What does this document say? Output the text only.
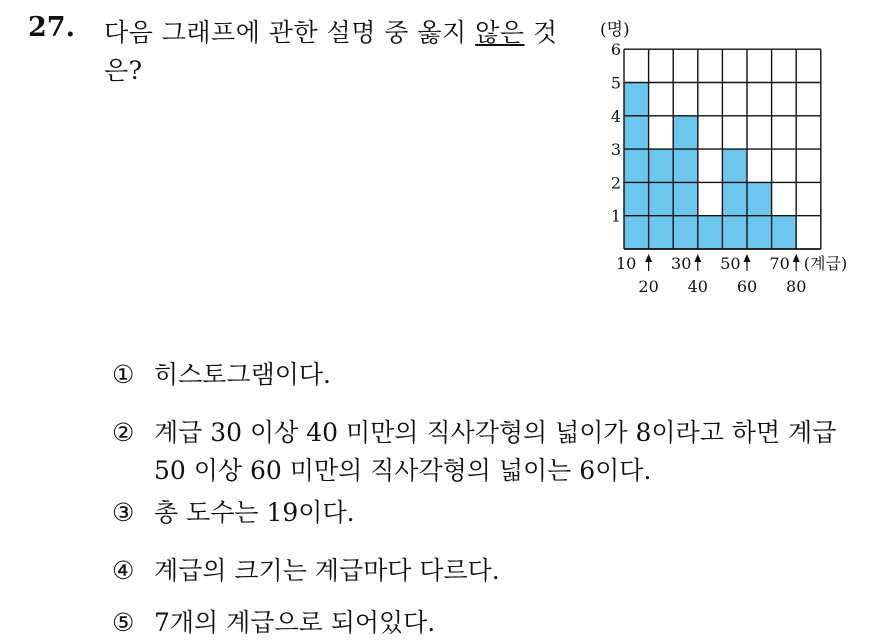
27. 다음 그래프에 관한 설명 중 옳지 않은 것
은?
(명)
1
2
3
4
5
6
10
20
30
40
50
60
70
80
(계급)
① 히스토그램이다.
② 계급 30 이상 40 미만의 직사각형의 넓이가 8이라고 하면 계급
50 이상 60 미만의 직사각형의 넓이는 6이다.
③ 총 도수는 19이다.
④ 계급의 크기는 계급마다 다르다.
⑤ 7개의 계급으로 되어있다.
